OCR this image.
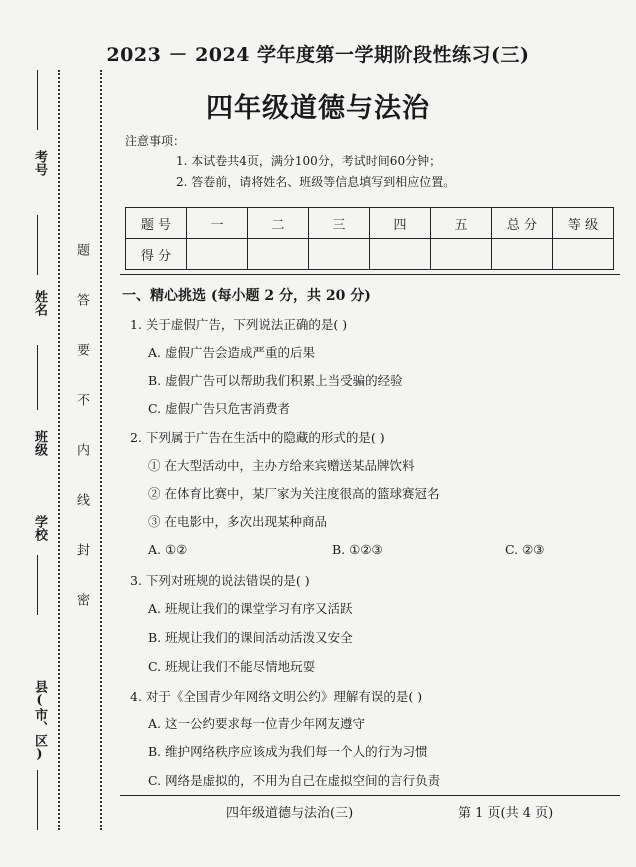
考号
姓名
班级
学校
县(市、区)
题
答
要
不
内
线
封
密
2023 － 2024 学年度第一学期阶段性练习(三)
四年级道德与法治
注意事项：
1. 本试卷共4页，满分100分，考试时间60分钟；
2. 答卷前，请将姓名、班级等信息填写到相应位置。
题 号	一	二	三	四	五	总 分	等 级
得 分							
一、精心挑选 (每小题 2 分，共 20 分)
1. 关于虚假广告，下列说法正确的是( )
A. 虚假广告会造成严重的后果
B. 虚假广告可以帮助我们积累上当受骗的经验
C. 虚假广告只危害消费者
2. 下列属于广告在生活中的隐藏的形式的是( )
① 在大型活动中，主办方给来宾赠送某品牌饮料
② 在体育比赛中，某厂家为关注度很高的篮球赛冠名
③ 在电影中，多次出现某种商品
A. ①②	B. ①②③	C. ②③
3. 下列对班规的说法错误的是( )
A. 班规让我们的课堂学习有序又活跃
B. 班规让我们的课间活动活泼又安全
C. 班规让我们不能尽情地玩耍
4. 对于《全国青少年网络文明公约》理解有误的是( )
A. 这一公约要求每一位青少年网友遵守
B. 维护网络秩序应该成为我们每一个人的行为习惯
C. 网络是虚拟的，不用为自己在虚拟空间的言行负责
四年级道德与法治(三)	第 1 页(共 4 页)
